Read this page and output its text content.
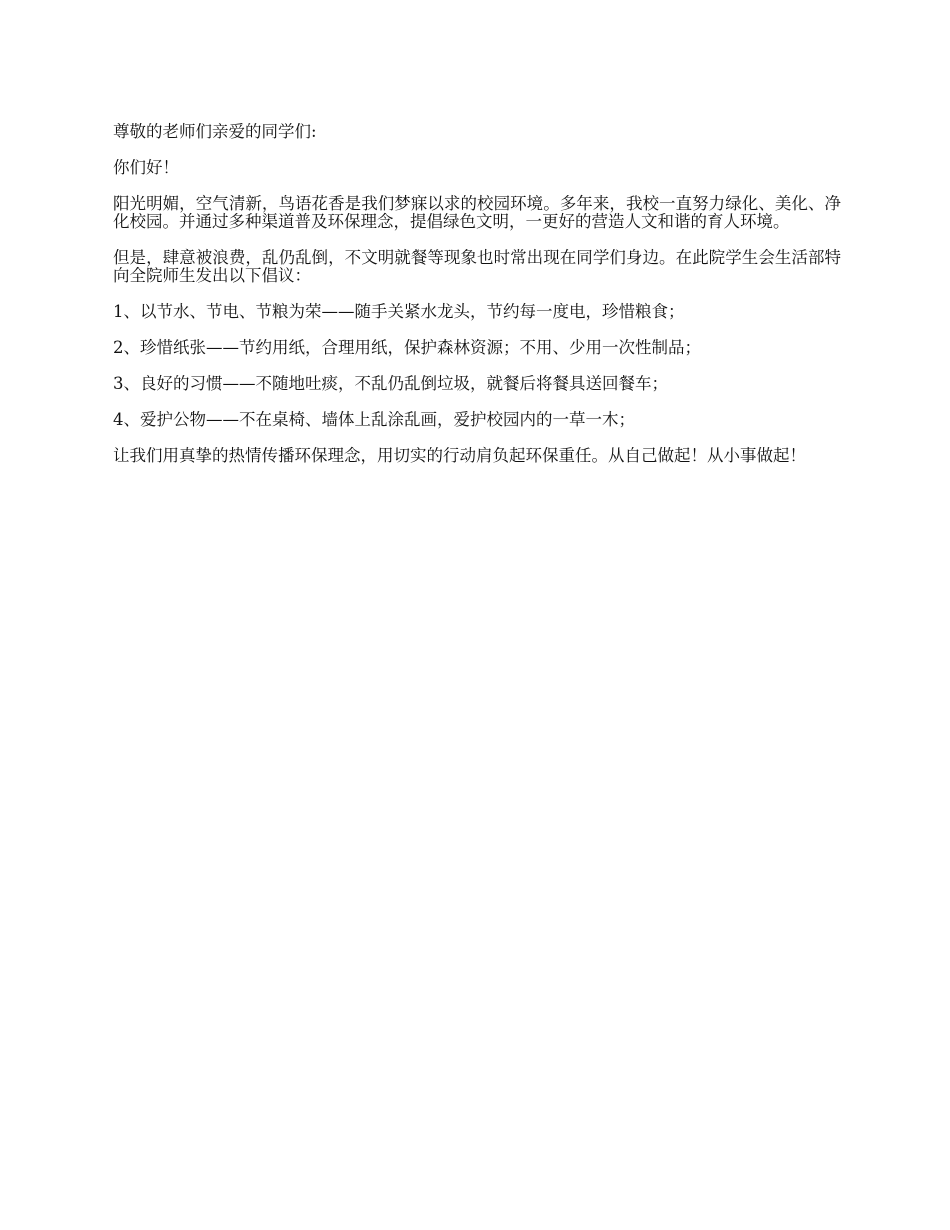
尊敬的老师们亲爱的同学们:

你们好！

阳光明媚，空气清新，鸟语花香是我们梦寐以求的校园环境。多年来，我校一直努力绿化、美化、净化校园。并通过多种渠道普及环保理念，提倡绿色文明，一更好的营造人文和谐的育人环境。

但是，肆意被浪费，乱仍乱倒，不文明就餐等现象也时常出现在同学们身边。在此院学生会生活部特向全院师生发出以下倡议：

1、以节水、节电、节粮为荣——随手关紧水龙头，节约每一度电，珍惜粮食；

2、珍惜纸张——节约用纸，合理用纸，保护森林资源；不用、少用一次性制品；

3、良好的习惯——不随地吐痰，不乱仍乱倒垃圾，就餐后将餐具送回餐车；

4、爱护公物——不在桌椅、墙体上乱涂乱画，爱护校园内的一草一木；

让我们用真挚的热情传播环保理念，用切实的行动肩负起环保重任。从自己做起！从小事做起！
